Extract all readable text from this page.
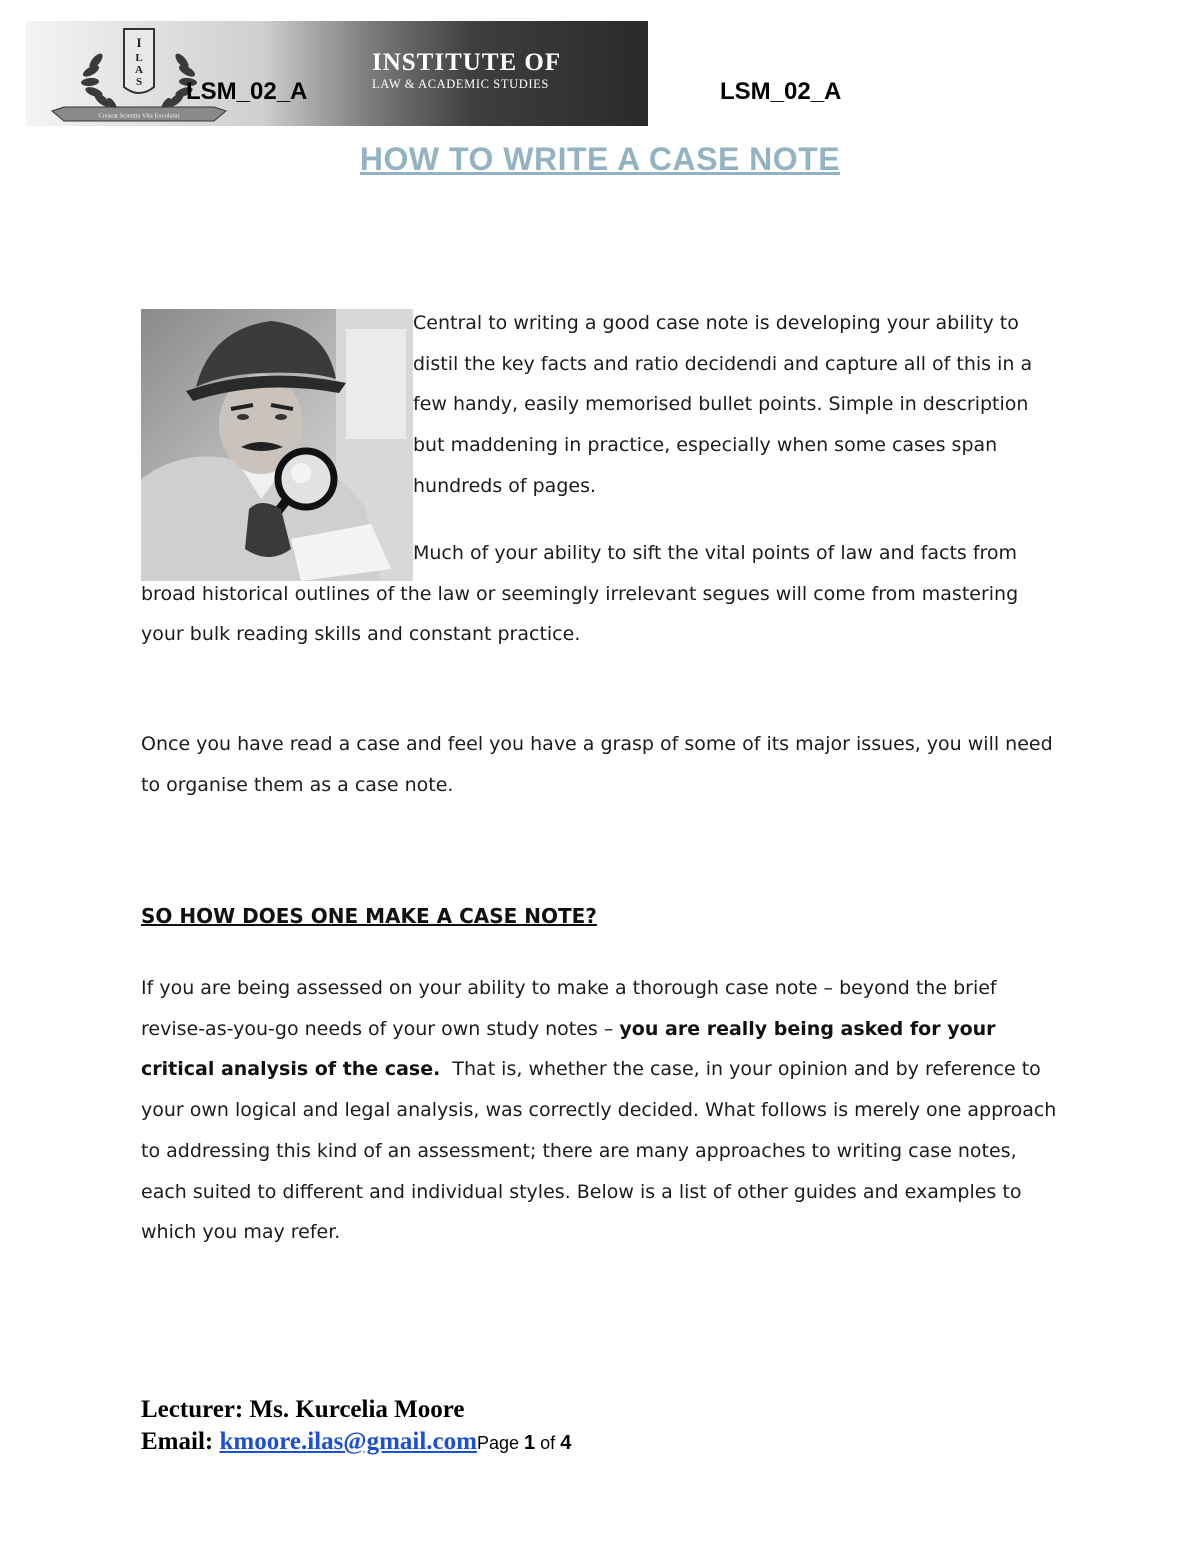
I
L
A
S
Crescat Scientia Vita Excolatur
INSTITUTE OF
LAW & ACADEMIC STUDIES
LSM_02_A	LSM_02_A
HOW TO WRITE A CASE NOTE

Central to writing a good case note is developing your ability to distil the key facts and ratio decidendi and capture all of this in a few handy, easily memorised bullet points. Simple in description but maddening in practice, especially when some cases span hundreds of pages.

Much of your ability to sift the vital points of law and facts from broad historical outlines of the law or seemingly irrelevant segues will come from mastering your bulk reading skills and constant practice.

Once you have read a case and feel you have a grasp of some of its major issues, you will need to organise them as a case note.

SO HOW DOES ONE MAKE A CASE NOTE?

If you are being assessed on your ability to make a thorough case note – beyond the brief revise-as-you-go needs of your own study notes – you are really being asked for your critical analysis of the case. That is, whether the case, in your opinion and by reference to your own logical and legal analysis, was correctly decided. What follows is merely one approach to addressing this kind of an assessment; there are many approaches to writing case notes, each suited to different and individual styles. Below is a list of other guides and examples to which you may refer.

Lecturer: Ms. Kurcelia Moore
Email: kmoore.ilas@gmail.comPage 1 of 4
